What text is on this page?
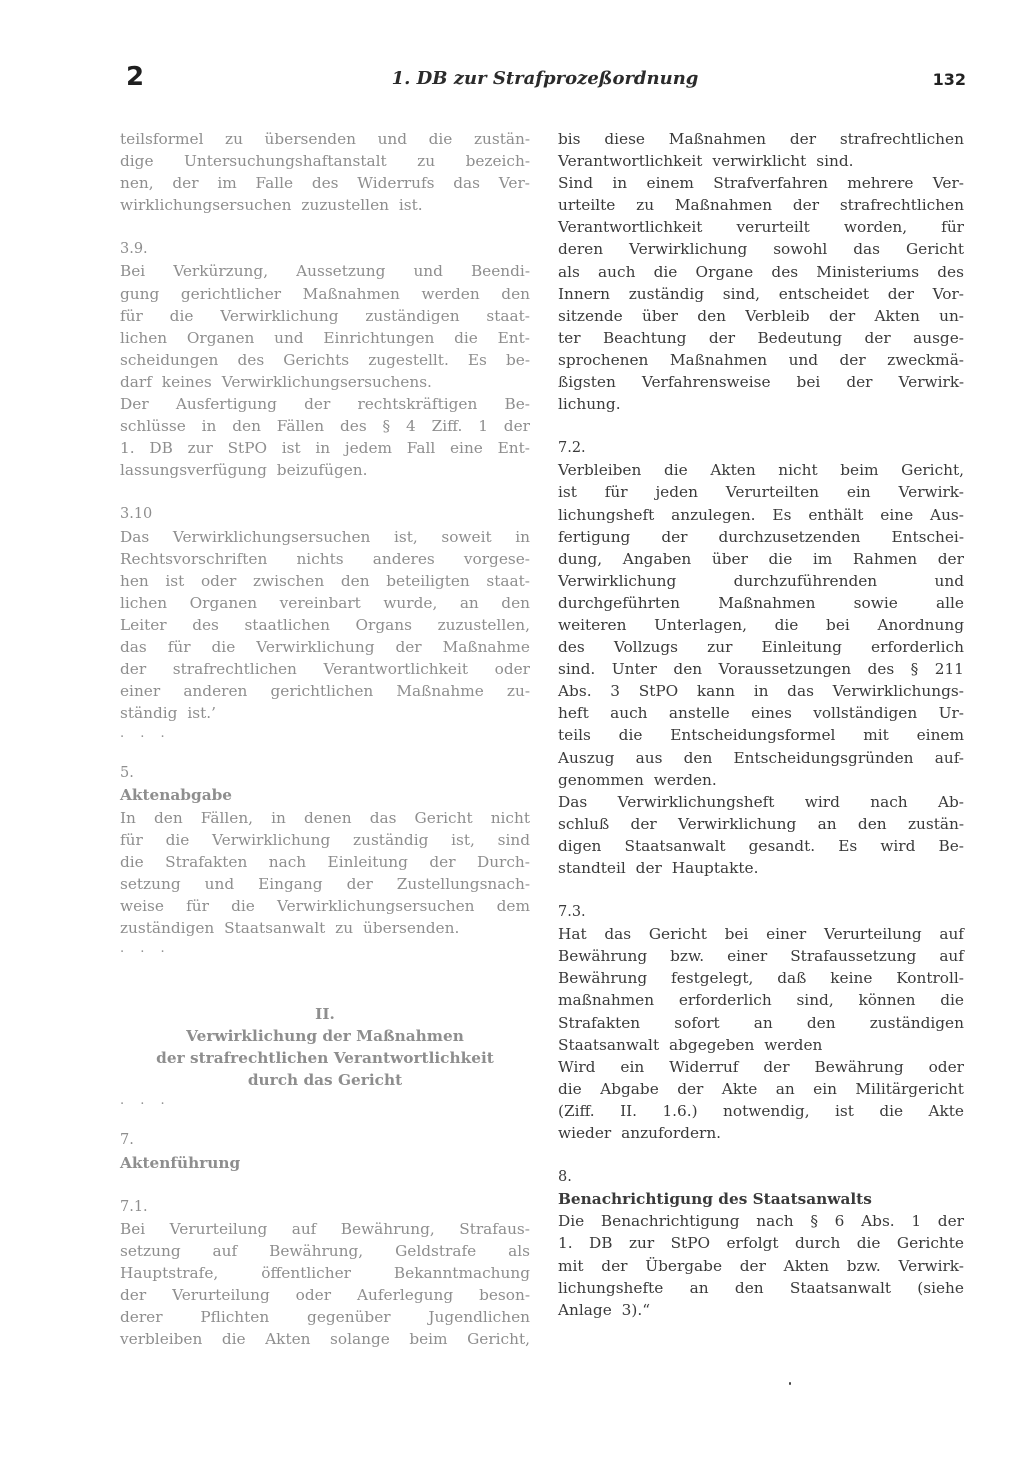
2	1. DB zur Strafprozeßordnung	132
teilsformel zu übersenden und die zustän-
dige Untersuchungshaftanstalt zu bezeich-
nen, der im Falle des Widerrufs das Ver-
wirklichungsersuchen zuzustellen ist.
3.9.
Bei Verkürzung, Aussetzung und Beendi-
gung gerichtlicher Maßnahmen werden den
für die Verwirklichung zuständigen staat-
lichen Organen und Einrichtungen die Ent-
scheidungen des Gerichts zugestellt. Es be-
darf keines Verwirklichungsersuchens.
Der Ausfertigung der rechtskräftigen Be-
schlüsse in den Fällen des § 4 Ziff. 1 der
1. DB zur StPO ist in jedem Fall eine Ent-
lassungsverfügung beizufügen.
3.10
Das Verwirklichungsersuchen ist, soweit in
Rechtsvorschriften nichts anderes vorgese-
hen ist oder zwischen den beteiligten staat-
lichen Organen vereinbart wurde, an den
Leiter des staatlichen Organs zuzustellen,
das für die Verwirklichung der Maßnahme
der strafrechtlichen Verantwortlichkeit oder
einer anderen gerichtlichen Maßnahme zu-
ständig ist.’
. . .
5.
Aktenabgabe
In den Fällen, in denen das Gericht nicht
für die Verwirklichung zuständig ist, sind
die Strafakten nach Einleitung der Durch-
setzung und Eingang der Zustellungsnach-
weise für die Verwirklichungsersuchen dem
zuständigen Staatsanwalt zu übersenden.
. . .
II.
Verwirklichung der Maßnahmen
der strafrechtlichen Verantwortlichkeit
durch das Gericht
. . .
7.
Aktenführung
7.1.
Bei Verurteilung auf Bewährung, Strafaus-
setzung auf Bewährung, Geldstrafe als
Hauptstrafe, öffentlicher Bekanntmachung
der Verurteilung oder Auferlegung beson-
derer Pflichten gegenüber Jugendlichen
verbleiben die Akten solange beim Gericht,
bis diese Maßnahmen der strafrechtlichen
Verantwortlichkeit verwirklicht sind.
Sind in einem Strafverfahren mehrere Ver-
urteilte zu Maßnahmen der strafrechtlichen
Verantwortlichkeit verurteilt worden, für
deren Verwirklichung sowohl das Gericht
als auch die Organe des Ministeriums des
Innern zuständig sind, entscheidet der Vor-
sitzende über den Verbleib der Akten un-
ter Beachtung der Bedeutung der ausge-
sprochenen Maßnahmen und der zweckmä-
ßigsten Verfahrensweise bei der Verwirk-
lichung.
7.2.
Verbleiben die Akten nicht beim Gericht,
ist für jeden Verurteilten ein Verwirk-
lichungsheft anzulegen. Es enthält eine Aus-
fertigung der durchzusetzenden Entschei-
dung, Angaben über die im Rahmen der
Verwirklichung	durchzuführenden	und
durchgeführten Maßnahmen sowie alle
weiteren Unterlagen, die bei Anordnung
des Vollzugs zur Einleitung erforderlich
sind. Unter den Voraussetzungen des § 211
Abs. 3 StPO kann in das Verwirklichungs-
heft auch anstelle eines vollständigen Ur-
teils die Entscheidungsformel mit einem
Auszug aus den Entscheidungsgründen auf-
genommen werden.
Das Verwirklichungsheft wird nach Ab-
schluß der Verwirklichung an den zustän-
digen Staatsanwalt gesandt. Es wird Be-
standteil der Hauptakte.
7.3.
Hat das Gericht bei einer Verurteilung auf
Bewährung bzw. einer Strafaussetzung auf
Bewährung festgelegt, daß keine Kontroll-
maßnahmen erforderlich sind, können die
Strafakten sofort an den zuständigen
Staatsanwalt abgegeben werden
Wird ein Widerruf der Bewährung oder
die Abgabe der Akte an ein Militärgericht
(Ziff. II. 1.6.) notwendig, ist die Akte
wieder anzufordern.
8.
Benachrichtigung des Staatsanwalts
Die Benachrichtigung nach § 6 Abs. 1 der
1. DB zur StPO erfolgt durch die Gerichte
mit der Übergabe der Akten bzw. Verwirk-
lichungshefte an den Staatsanwalt (siehe
Anlage 3).“
